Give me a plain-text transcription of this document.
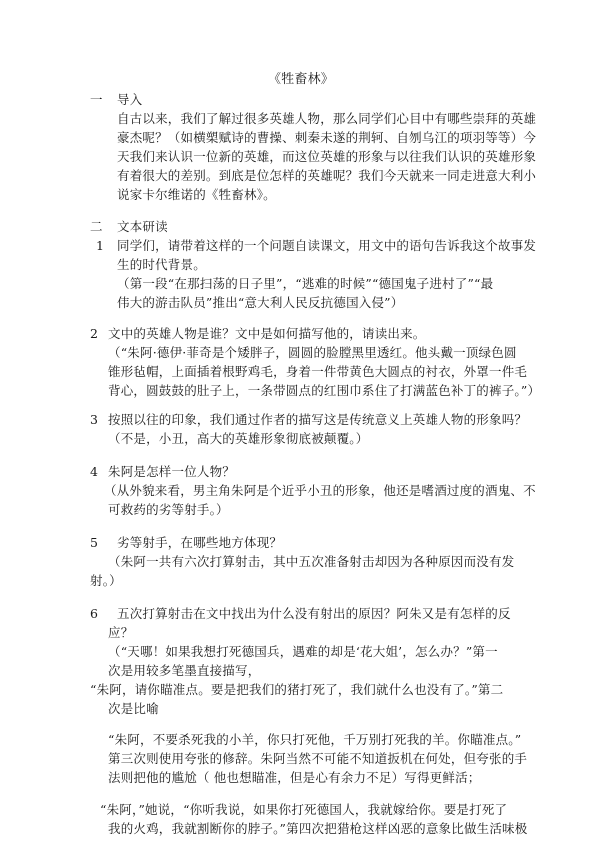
《牲畜林》
一 导入
自古以来，我们了解过很多英雄人物，那么同学们心目中有哪些崇拜的英雄
豪杰呢？（如横槊赋诗的曹操、刺秦未遂的荆轲、自刎乌江的项羽等等）今
天我们来认识一位新的英雄，而这位英雄的形象与以往我们认识的英雄形象
有着很大的差别。到底是位怎样的英雄呢？我们今天就来一同走进意大利小
说家卡尔维诺的《牲畜林》。
二 文本研读
1 同学们，请带着这样的一个问题自读课文，用文中的语句告诉我这个故事发
生的时代背景。
（第一段“在那扫荡的日子里”，“逃难的时候”“德国鬼子进村了”“最
伟大的游击队员”推出“意大利人民反抗德国入侵”）
2 文中的英雄人物是谁？文中是如何描写他的，请读出来。
（“朱阿·德伊·菲奇是个矮胖子，圆圆的脸膛黑里透红。他头戴一顶绿色圆
锥形毡帽，上面插着根野鸡毛，身着一件带黄色大圆点的衬衣，外罩一件毛
背心，圆鼓鼓的肚子上，一条带圆点的红围巾系住了打满蓝色补丁的裤子。”）
3 按照以往的印象，我们通过作者的描写这是传统意义上英雄人物的形象吗？
（不是，小丑，高大的英雄形象彻底被颠覆。）
4 朱阿是怎样一位人物？
（从外貌来看，男主角朱阿是个近乎小丑的形象，他还是嗜酒过度的酒鬼、不
可救药的劣等射手。）
5 劣等射手，在哪些地方体现？
（朱阿一共有六次打算射击，其中五次准备射击却因为各种原因而没有发
射。）
6 五次打算射击在文中找出为什么没有射出的原因？阿朱又是有怎样的反
应？
（“天哪！如果我想打死德国兵，遇难的却是‘花大姐’，怎么办？”第一
次是用较多笔墨直接描写，
“朱阿，请你瞄准点。要是把我们的猪打死了，我们就什么也没有了。”第二
次是比喻
“朱阿，不要杀死我的小羊，你只打死他，千万别打死我的羊。你瞄准点。”
第三次则使用夸张的修辞。朱阿当然不可能不知道扳机在何处，但夸张的手
法则把他的尴尬（ 他也想瞄准，但是心有余力不足）写得更鲜活；
“朱阿，”她说，“你听我说，如果你打死德国人，我就嫁给你。要是打死了
我的火鸡，我就割断你的脖子。”第四次把猎枪这样凶恶的意象比做生活味极
